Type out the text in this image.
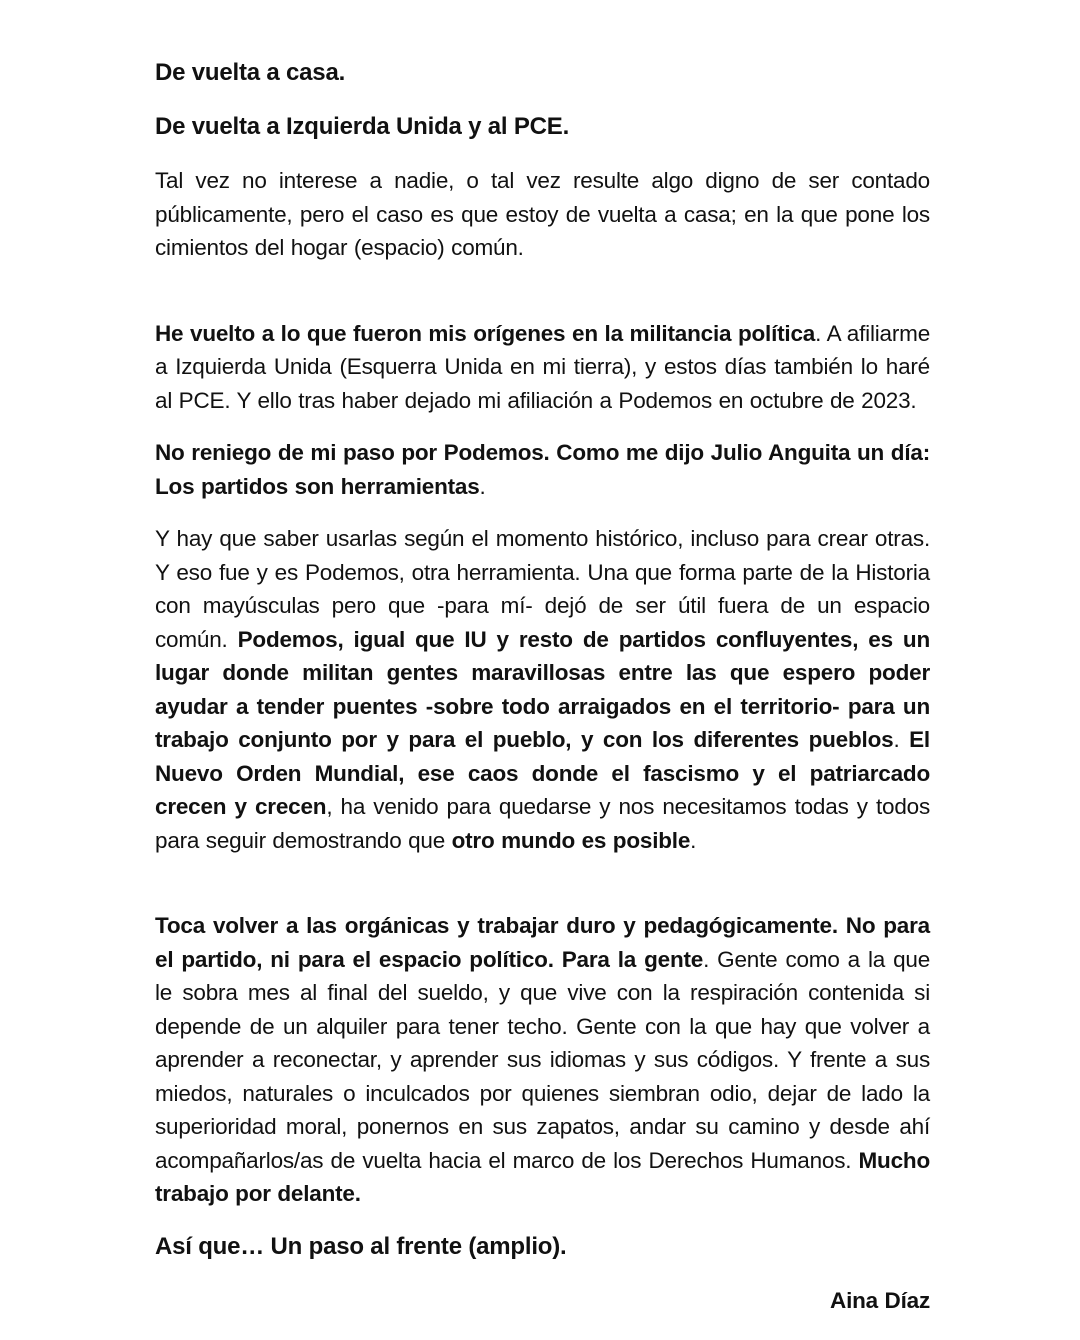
De vuelta a casa.
De vuelta a Izquierda Unida y al PCE.

Tal vez no interese a nadie, o tal vez resulte algo digno de ser contado públicamente, pero el caso es que estoy de vuelta a casa; en la que pone los cimientos del hogar (espacio) común.

He vuelto a lo que fueron mis orígenes en la militancia política. A afiliarme a Izquierda Unida (Esquerra Unida en mi tierra), y estos días también lo haré al PCE. Y ello tras haber dejado mi afiliación a Podemos en octubre de 2023.

No reniego de mi paso por Podemos. Como me dijo Julio Anguita un día: Los partidos son herramientas.

Y hay que saber usarlas según el momento histórico, incluso para crear otras. Y eso fue y es Podemos, otra herramienta. Una que forma parte de la Historia con mayúsculas pero que -para mí- dejó de ser útil fuera de un espacio común. Podemos, igual que IU y resto de partidos confluyentes, es un lugar donde militan gentes maravillosas entre las que espero poder ayudar a tender puentes -sobre todo arraigados en el territorio- para un trabajo conjunto por y para el pueblo, y con los diferentes pueblos. El Nuevo Orden Mundial, ese caos donde el fascismo y el patriarcado crecen y crecen, ha venido para quedarse y nos necesitamos todas y todos para seguir demostrando que otro mundo es posible.

Toca volver a las orgánicas y trabajar duro y pedagógicamente. No para el partido, ni para el espacio político. Para la gente. Gente como a la que le sobra mes al final del sueldo, y que vive con la respiración contenida si depende de un alquiler para tener techo. Gente con la que hay que volver a aprender a reconectar, y aprender sus idiomas y sus códigos. Y frente a sus miedos, naturales o inculcados por quienes siembran odio, dejar de lado la superioridad moral, ponernos en sus zapatos, andar su camino y desde ahí acompañarlos/as de vuelta hacia el marco de los Derechos Humanos. Mucho trabajo por delante.

Así que… Un paso al frente (amplio).

Aina Díaz
